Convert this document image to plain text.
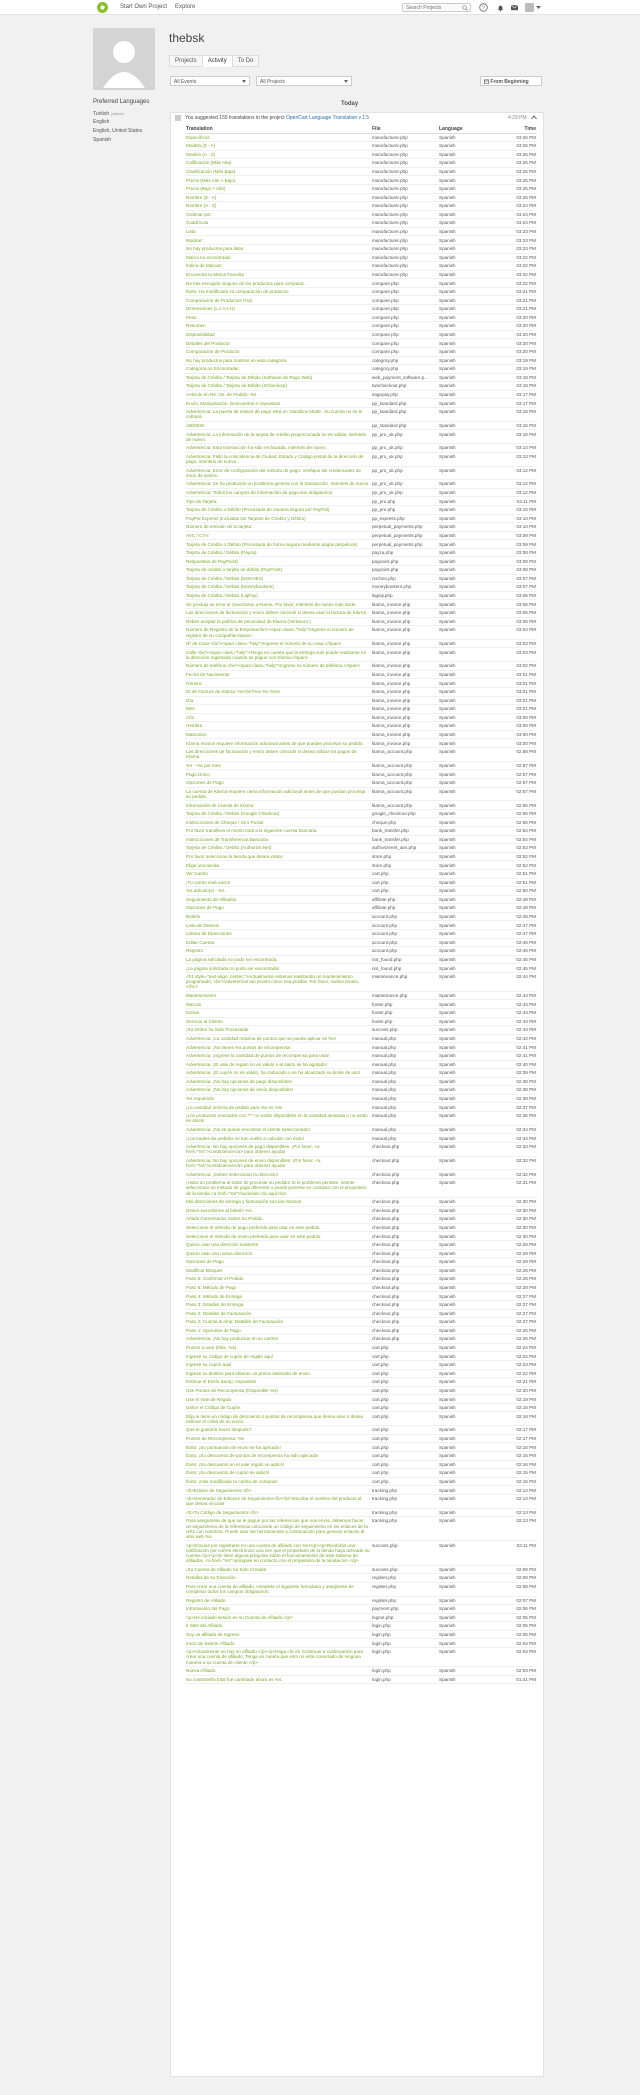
Start Own Project Explore
Search Projects	?
thebsk
Projects	Activity	To Do
Preferred Languages
Turkish (native)
English
English, United States
Spanish
All Events	All Projects	From Beginning
Today
You suggested 155 translations in the project OpenCart Language Translation v.1.5	4:29 PM
Translation	File	Language	Time
Específicos	manufacturer.php	Spanish	03:26 PM
Modelo (Z - A)	manufacturer.php	Spanish	03:26 PM
Modelo (A - Z)	manufacturer.php	Spanish	03:26 PM
Calificación (Más Alta)	manufacturer.php	Spanish	03:26 PM
Clasificación (Más Baja)	manufacturer.php	Spanish	03:25 PM
Precio (Más Alto > Bajo)	manufacturer.php	Spanish	03:25 PM
Precio (Bajo > Alto)	manufacturer.php	Spanish	03:25 PM
Nombre (Z - A)	manufacturer.php	Spanish	03:25 PM
Nombre (A - Z)	manufacturer.php	Spanish	03:24 PM
Ordenar por:	manufacturer.php	Spanish	03:24 PM
Cuadrícula	manufacturer.php	Spanish	03:24 PM
Lista	manufacturer.php	Spanish	03:23 PM
Mostrar:	manufacturer.php	Spanish	03:23 PM
No hay productos para listar.	manufacturer.php	Spanish	03:23 PM
Marca no encontrada!	manufacturer.php	Spanish	03:22 PM
Índice de Marcas:	manufacturer.php	Spanish	03:22 PM
Encuentra tu Marca Favorita	manufacturer.php	Spanish	03:22 PM
No has escogido ninguno de los productos para comparar.	compare.php	Spanish	03:22 PM
Éxito: Ha modificado su comparación de producto!	compare.php	Spanish	03:21 PM
Comparación de Productos (%s)	compare.php	Spanish	03:21 PM
Dimensiones (L x A x H)	compare.php	Spanish	03:21 PM
Peso	compare.php	Spanish	03:20 PM
Resumen	compare.php	Spanish	03:20 PM
Disponibilidad	compare.php	Spanish	03:20 PM
Detalles del Producto	compare.php	Spanish	03:20 PM
Comparación de Producto	compare.php	Spanish	03:20 PM
No hay productos para mostrar en esta categoría.	category.php	Spanish	03:19 PM
Categoría no Encontrada!	category.php	Spanish	03:19 PM
Tarjeta de Crédito / Tarjeta de Débito (Software de Pago Web)	web_payment_software.p...	Spanish	03:18 PM
Tarjeta de Crédito / Tarjeta de Débito (2Checkout)	twocheckout.php	Spanish	03:18 PM
Anticulo en Re: No. de Pedido: %s	sagepay.php	Spanish	03:17 PM
Envío, Manipulación, Descuentos e Impuestos	pp_standard.php	Spanish	03:17 PM
Advertencia: La puerta de enlace de pago está en 'Sandbox Mode'. Su cuenta no se le cobrará.	pp_standard.php	Spanish	03:16 PM
AB/DEW	pp_standard.php	Spanish	03:15 PM
Advertencia: La información de la tarjeta de crédito proporcionada no es válida, inténtelo de nuevo.	pp_pro_uk.php	Spanish	03:15 PM
Advertencia: Esta transacción ha sido rechazada, inténtelo de nuevo.	pp_pro_uk.php	Spanish	03:14 PM
Advertencia: Falló la coincidencia de Ciudad, Estado y Código postal de la dirección de pago, inténtelo de nuevo.	pp_pro_uk.php	Spanish	03:13 PM
Advertencia: Error de configuración del método de pago. Verifique las credenciales de inicio de sesión.	pp_pro_uk.php	Spanish	03:12 PM
Advertencia: Se ha producido un problema general con la transacción. Inténtelo de nuevo.	pp_pro_uk.php	Spanish	03:12 PM
Advertencia: Todos los campos de información de pago son obligatorios.	pp_pro_uk.php	Spanish	03:12 PM
Tipo de Tarjeta:	pp_pro.php	Spanish	03:11 PM
Tarjeta de Crédito o Débito (Procesada de manera segura por PayPal)	pp_pro.php	Spanish	03:10 PM
PayPal Express (incluidas las Tarjetas de Crédito y Débito)	pp_express.php	Spanish	03:10 PM
Número de emisión de la tarjeta:	perpetual_payments.php	Spanish	03:10 PM
AVC / CVV:	perpetual_payments.php	Spanish	03:09 PM
Tarjeta de Crédito o Débito (Procesada de forma segura mediante pagos perpetuos)	perpetual_payments.php	Spanish	03:09 PM
Tarjeta de Crédito / Débito (Payza)	payza.php	Spanish	03:08 PM
Respuestas de PayPoint)	paypoint.php	Spanish	03:08 PM
Tarjeta de crédito o tarjeta de débito (PayPoint)	paypoint.php	Spanish	03:08 PM
Tarjeta de Crédito / Débito (NOCHEX)	nochex.php	Spanish	03:07 PM
Tarjeta de Crédito / Débito (Moneybookers)	moneybookers.php	Spanish	03:07 PM
Tarjeta de Crédito / Débito (LiqPay)	liqpay.php	Spanish	03:06 PM
Se produjo un error al conectarse a Klarna. Por favor, inténtelo de nuevo más tarde.	klarna_invoice.php	Spanish	03:06 PM
Las direcciones de facturación y envío deben coincidir si desea usar la factura de Klarna	klarna_invoice.php	Spanish	03:05 PM
Debes aceptar la política de privacidad de Klarna (Ver&euro;)	klarna_invoice.php	Spanish	03:05 PM
Número de Registro de la Empresa<br/><span class="help">Ingrese el número de registro de su compañía</span>	klarna_invoice.php	Spanish	03:04 PM
Nº de Casa <br/><span class="help">Ingrese el número de su casa.</span>	klarna_invoice.php	Spanish	03:03 PM
Calle <br/><span class="help">Tenga en cuenta que la entrega solo puede realizarse en la dirección registrada cuando se pague con Klarna.</span>	klarna_invoice.php	Spanish	03:03 PM
Número de teléfono <br/><span class="help">Ingrese su número de teléfono.</span>	klarna_invoice.php	Spanish	03:02 PM
Fecha de Nacimiento	klarna_invoice.php	Spanish	03:01 PM
Género:	klarna_invoice.php	Spanish	03:01 PM
ID de Factura de Klarna: %s<br/>%s %s.%s%	klarna_invoice.php	Spanish	03:01 PM
Día	klarna_invoice.php	Spanish	03:01 PM
Mes	klarna_invoice.php	Spanish	03:01 PM
Año	klarna_invoice.php	Spanish	03:00 PM
Hembra	klarna_invoice.php	Spanish	03:00 PM
Masculino	klarna_invoice.php	Spanish	03:00 PM
Klarna Invoice requiere información adicional antes de que pueden procesar su pedido.	klarna_invoice.php	Spanish	03:00 PM
Las direcciones de facturación y envío deben coincidir si desea utilizar los pagos de Klarna	klarna_account.php	Spanish	02:58 PM
%s - %s por mes	klarna_account.php	Spanish	02:57 PM
Pago Único	klarna_account.php	Spanish	02:57 PM
Opciones de Pago	klarna_account.php	Spanish	02:57 PM
La cuenta de Klarna requiere cierta información adicional antes de que puedan procesar su pedido.	klarna_account.php	Spanish	02:57 PM
Información de Cuenta de Klarna	klarna_account.php	Spanish	02:56 PM
Tarjeta de Crédito / Débito (Google Checkout)	google_checkout.php	Spanish	02:56 PM
Instrucciones de Cheque / Giro Postal	cheque.php	Spanish	02:55 PM
Por favor transfiera el monto total a la siguiente cuenta bancaria.	bank_transfer.php	Spanish	02:54 PM
Instrucciones de Transferencia Bancaria	bank_transfer.php	Spanish	02:54 PM
Tarjeta de Crédito / Débito (Authorize.Net)	authorizenet_aim.php	Spanish	02:53 PM
Por favor seleccione la tienda que desea visitar.	store.php	Spanish	02:52 PM
Elige una tienda	store.php	Spanish	02:52 PM
Ver Carrito	cart.php	Spanish	02:51 PM
¡Tu carrito está vacío!	cart.php	Spanish	02:51 PM
%s artículo(s) - %s	cart.php	Spanish	02:50 PM
Seguimiento de Afiliados	affiliate.php	Spanish	02:49 PM
Opciones de Pago	affiliate.php	Spanish	02:49 PM
Boletín	account.php	Spanish	02:48 PM
Lista de Deseos	account.php	Spanish	02:47 PM
Libreta de Direcciones	account.php	Spanish	02:47 PM
Editar Cuenta	account.php	Spanish	02:46 PM
Registro	account.php	Spanish	02:46 PM
La página solicitada no pudo ser encontrada.	not_found.php	Spanish	02:45 PM
¡La página solicitada no pudo ser encontrada!	not_found.php	Spanish	02:45 PM
<h1 style="text-align: center;">Actualmente estamos realizando un mantenimiento programado. <br/>Volveremos tan pronto como sea posible. Por favor, vuelva pronto.</h1>	maintenance.php	Spanish	02:44 PM
Mantenimiento	maintenance.php	Spanish	02:43 PM
Marcas	footer.php	Spanish	02:43 PM
Extras	footer.php	Spanish	02:43 PM
Servicio al Cliente	footer.php	Spanish	02:43 PM
¡Su Orden ha Sido Procesada!	success.php	Spanish	02:43 PM
Advertencia: ¡La cantidad máxima de puntos que se puede aplicar es %s!	manual.php	Spanish	02:42 PM
Advertencia: ¡No tienes %s puntos de recompensa!	manual.php	Spanish	02:41 PM
Advertencia: ¡Ingrese la cantidad de puntos de recompensa para usar!	manual.php	Spanish	02:41 PM
Advertencia: ¡El vale de regalo no es válido o el saldo se ha agotado!	manual.php	Spanish	02:40 PM
Advertencia: ¡El cupón no es válido, ha caducado o se ha alcanzado su límite de uso!	manual.php	Spanish	02:39 PM
Advertencia: ¡No hay opciones de pago disponibles!	manual.php	Spanish	02:38 PM
Advertencia: ¡No hay opciones de envío disponibles!	manual.php	Spanish	02:38 PM
%s requerido!	manual.php	Spanish	02:38 PM
¡La cantidad mínima de pedido para %s es %s!	manual.php	Spanish	02:37 PM
¡Los productos marcados con *** no están disponibles en la cantidad deseada o no están en stock!	manual.php	Spanish	02:36 PM
Advertencia: ¡No se puede encontrar el cliente seleccionado!	manual.php	Spanish	02:34 PM
¡Los totales de pedidos se han vuelto a calcular con éxito!	manual.php	Spanish	02:34 PM
Advertencia: No hay opciones de pago disponibles. ¡Por favor, <a href="%s">contáctenos</a> para obtener ayuda!	checkout.php	Spanish	02:33 PM
Advertencia: No hay opciones de envío disponibles. ¡Por favor, <a href="%s">contáctenos</a> para obtener ayuda!	checkout.php	Spanish	02:32 PM
Advertencia: ¡Debes seleccionar la dirección!	checkout.php	Spanish	02:32 PM
¡Hubo un problema al tratar de procesar su pedido! Si el problema persiste, intente seleccionar un método de pago diferente o puede ponerse en contacto con el propietario de la tienda <a href="%s">haciendo clic aquí</a>.	checkout.php	Spanish	02:31 PM
Mis direcciones de entrega y facturación son las mismas.	checkout.php	Spanish	02:30 PM
Deseo suscribirme al boletín %s.	checkout.php	Spanish	02:30 PM
Añadir Comentarios Sobre Su Pedido	checkout.php	Spanish	02:30 PM
Seleccione el método de pago preferido para usar en este pedido.	checkout.php	Spanish	02:30 PM
Seleccione el método de envío preferido para usar en este pedido.	checkout.php	Spanish	02:30 PM
Quiero usar una dirección existente	checkout.php	Spanish	02:29 PM
Quiero usar una nueva dirección	checkout.php	Spanish	02:29 PM
Opciones de Pago	checkout.php	Spanish	02:29 PM
Modificar Bloques	checkout.php	Spanish	02:28 PM
Paso 6: Confirmar el Pedido	checkout.php	Spanish	02:28 PM
Paso 5: Método de Pago	checkout.php	Spanish	02:28 PM
Paso 4: Método de Entrega	checkout.php	Spanish	02:27 PM
Paso 3: Detalles de Entrega	checkout.php	Spanish	02:27 PM
Paso 2: Detalles de Facturación	checkout.php	Spanish	02:27 PM
Paso 2: Cuenta & amp; Detalles de Facturación	checkout.php	Spanish	02:27 PM
Paso 1: Opciones de Pago	checkout.php	Spanish	02:26 PM
Advertencia: ¡No hay productos en su carrito!	checkout.php	Spanish	02:26 PM
Puntos a usar (Máx. %s)	cart.php	Spanish	02:24 PM
Ingrese su código de cupón de regalo aquí	cart.php	Spanish	02:24 PM
Ingrese su cupón aquí	cart.php	Spanish	02:23 PM
Ingrese su destino para obtener un precio estimado de envío.	cart.php	Spanish	02:22 PM
Estimar el Envío &amp; Impuestos	cart.php	Spanish	02:21 PM
Use Puntos de Recompensa (Disponible %s)	cart.php	Spanish	02:20 PM
Use el Vale de Regalo	cart.php	Spanish	02:19 PM
Utilice el Código de Cupón	cart.php	Spanish	02:18 PM
Elija si tiene un código de descuento o puntos de recompensa que desea usar o desea estimar el costo de su envío.	cart.php	Spanish	02:18 PM
Qué le gustaría hacer después?	cart.php	Spanish	02:17 PM
Puntos de Recompensa: %s	cart.php	Spanish	02:17 PM
Éxito: ¡Su puntuación de envío se ha aplicado!	cart.php	Spanish	02:16 PM
Éxito: ¡Su descuento de puntos de recompensa ha sido aplicado!	cart.php	Spanish	02:16 PM
Éxito: ¡Su descuento en el vale regalo se aplicó!	cart.php	Spanish	02:16 PM
Éxito: ¡Su descuento de cupón se aplicó!	cart.php	Spanish	02:15 PM
Éxito: ¡Has modificado tu carrito de compras!	cart.php	Spanish	02:15 PM
<b>Enlace de Seguimiento:</b>	tracking.php	Spanish	02:14 PM
<b>Generador de Enlaces de Seguimiento</b><br/>Escriba el nombre del producto al que desea vincular	tracking.php	Spanish	02:14 PM
<b>Tu Código de Seguimiento:</b>	tracking.php	Spanish	02:13 PM
Para asegurarse de que se le pague por las referencias que nos envía, debemos hacer un seguimiento de la referencia colocando un código de seguimiento en los enlaces de la URL con nosotros. Puede usar las herramientas a continuación para generar enlaces al sitio web %s.	tracking.php	Spanish	02:13 PM
<p>Gracias por registrarte en una cuenta de afiliado con %s!</p><p>Recibirás una notificación por correo electrónico una vez que el propietario de la tienda haya activado su cuenta.</p><p>Si tiene alguna pregunta sobre el funcionamiento de este sistema de afiliados, <a href="%s">póngase en contacto con el propietario de la tienda</a>.</p>	success.php	Spanish	02:11 PM
¡Su Cuenta de Afiliado ha Sido Creada!	success.php	Spanish	02:09 PM
Detalles de su Dirección	register.php	Spanish	02:08 PM
Para crear una cuenta de afiliado, complete el siguiente formulario y asegúrese de completar todos los campos obligatorios:	register.php	Spanish	02:08 PM
Registro de Afiliado	register.php	Spanish	02:07 PM
Información del Pago	payment.php	Spanish	02:06 PM
<p>He iniciado sesión en su Cuenta de Afiliado.</p>	logout.php	Spanish	02:05 PM
Ir Mes del Afiliado	login.php	Spanish	02:05 PM
Soy un afiliado de regreso	login.php	Spanish	02:05 PM
Inicio de Sesión Afiliado	login.php	Spanish	02:04 PM
<p>Actualmente no hay un afiliado.</p><p>Haga clic en Continuar a continuación para crear una cuenta de afiliado. Tenga en cuenta que esto no está conectado de ninguna manera a su cuenta de cliente.</p>	login.php	Spanish	02:04 PM
Nueva Afiliado	login.php	Spanish	02:03 PM
Su contraseña total fue cambiado ahora es %s.	login.php	Spanish	01:41 PM
